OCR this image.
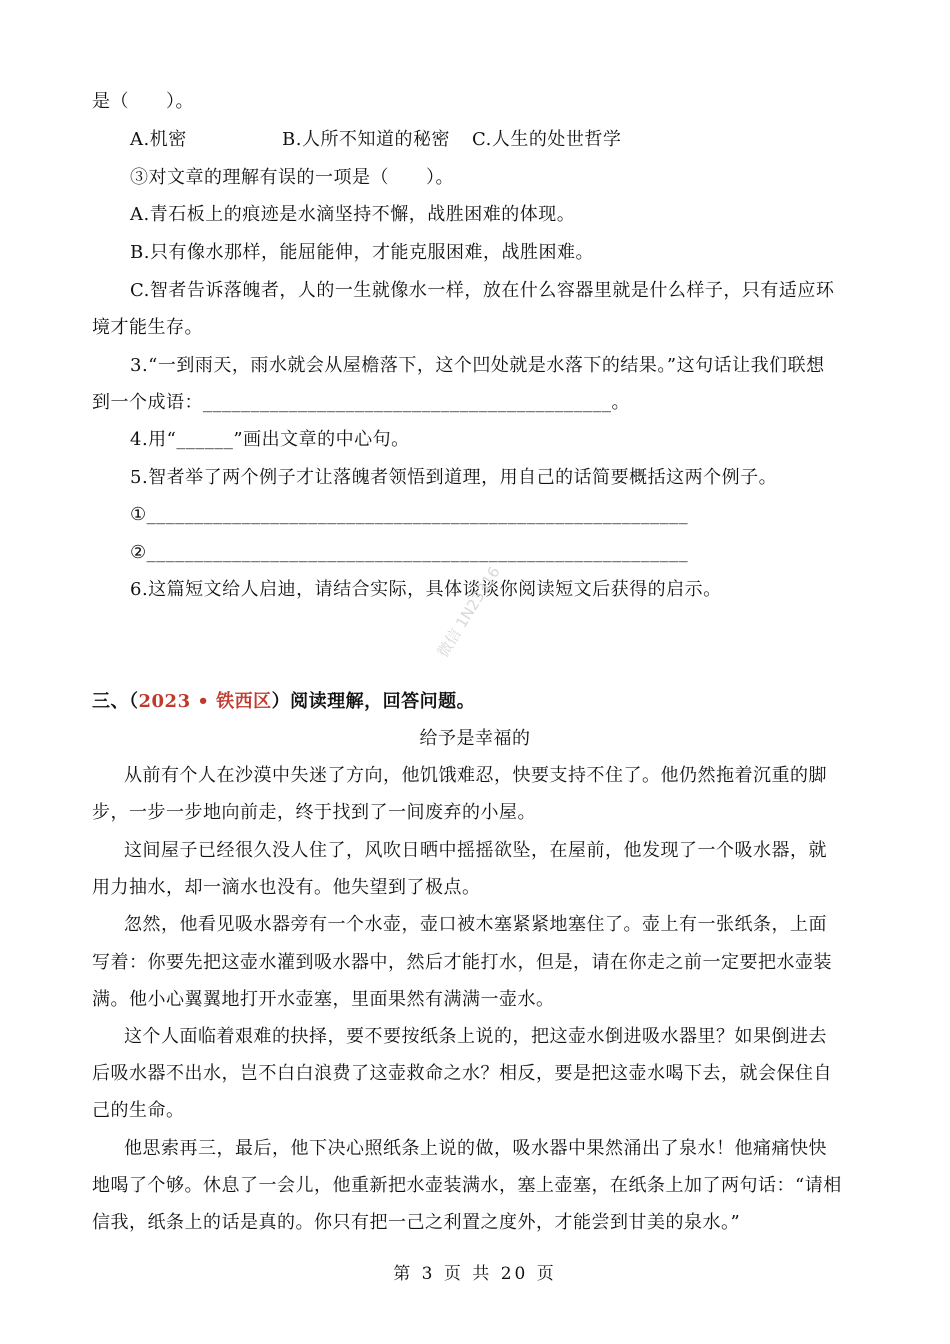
是（　　）。
A.机密	B.人所不知道的秘密 C.人生的处世哲学
③对文章的理解有误的一项是（　　）。
A.青石板上的痕迹是水滴坚持不懈，战胜困难的体现。
B.只有像水那样，能屈能伸，才能克服困难，战胜困难。
C.智者告诉落魄者，人的一生就像水一样，放在什么容器里就是什么样子，只有适应环
境才能生存。
3.“一到雨天，雨水就会从屋檐落下，这个凹处就是水落下的结果。”这句话让我们联想
到一个成语：___________________________________________。
4.用“______”画出文章的中心句。
5.智者举了两个例子才让落魄者领悟到道理，用自己的话简要概括这两个例子。
①_________________________________________________________
②_________________________________________________________
6.这篇短文给人启迪，请结合实际，具体谈谈你阅读短文后获得的启示。
微信 1N23316
三、（2023 • 铁西区）阅读理解，回答问题。
给予是幸福的
从前有个人在沙漠中失迷了方向，他饥饿难忍，快要支持不住了。他仍然拖着沉重的脚
步，一步一步地向前走，终于找到了一间废弃的小屋。
这间屋子已经很久没人住了，风吹日晒中摇摇欲坠，在屋前，他发现了一个吸水器，就
用力抽水，却一滴水也没有。他失望到了极点。
忽然，他看见吸水器旁有一个水壶，壶口被木塞紧紧地塞住了。壶上有一张纸条，上面
写着：你要先把这壶水灌到吸水器中，然后才能打水，但是，请在你走之前一定要把水壶装
满。他小心翼翼地打开水壶塞，里面果然有满满一壶水。
这个人面临着艰难的抉择，要不要按纸条上说的，把这壶水倒进吸水器里？如果倒进去
后吸水器不出水，岂不白白浪费了这壶救命之水？相反，要是把这壶水喝下去，就会保住自
己的生命。
他思索再三，最后，他下决心照纸条上说的做，吸水器中果然涌出了泉水！他痛痛快快
地喝了个够。休息了一会儿，他重新把水壶装满水，塞上壶塞，在纸条上加了两句话：“请相
信我，纸条上的话是真的。你只有把一己之利置之度外，才能尝到甘美的泉水。”
第 3 页 共 20 页
